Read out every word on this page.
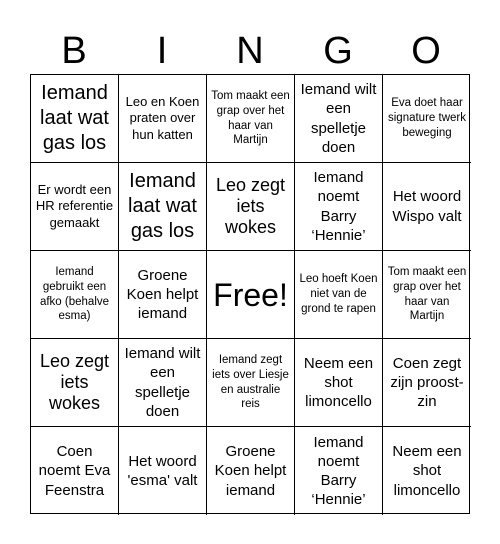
B	I	N	G	O
Iemand laat wat gas los
Leo en Koen praten over hun katten
Tom maakt een grap over het haar van Martijn
Iemand wilt een spelletje doen
Eva doet haar signature twerk beweging
Er wordt een HR referentie gemaakt
Iemand laat wat gas los
Leo zegt iets wokes
Iemand noemt Barry ‘Hennie’
Het woord Wispo valt
Iemand gebruikt een afko (behalve esma)
Groene Koen helpt iemand
Free!	Leo hoeft Koen niet van de grond te rapen
Tom maakt een grap over het haar van Martijn
Leo zegt iets wokes
Iemand wilt een spelletje doen
Iemand zegt iets over Liesje en australie reis
Neem een shot limoncello
Coen zegt zijn proost-zin
Coen noemt Eva Feenstra
Het woord 'esma' valt
Groene Koen helpt iemand
Iemand noemt Barry ‘Hennie’
Neem een shot limoncello
